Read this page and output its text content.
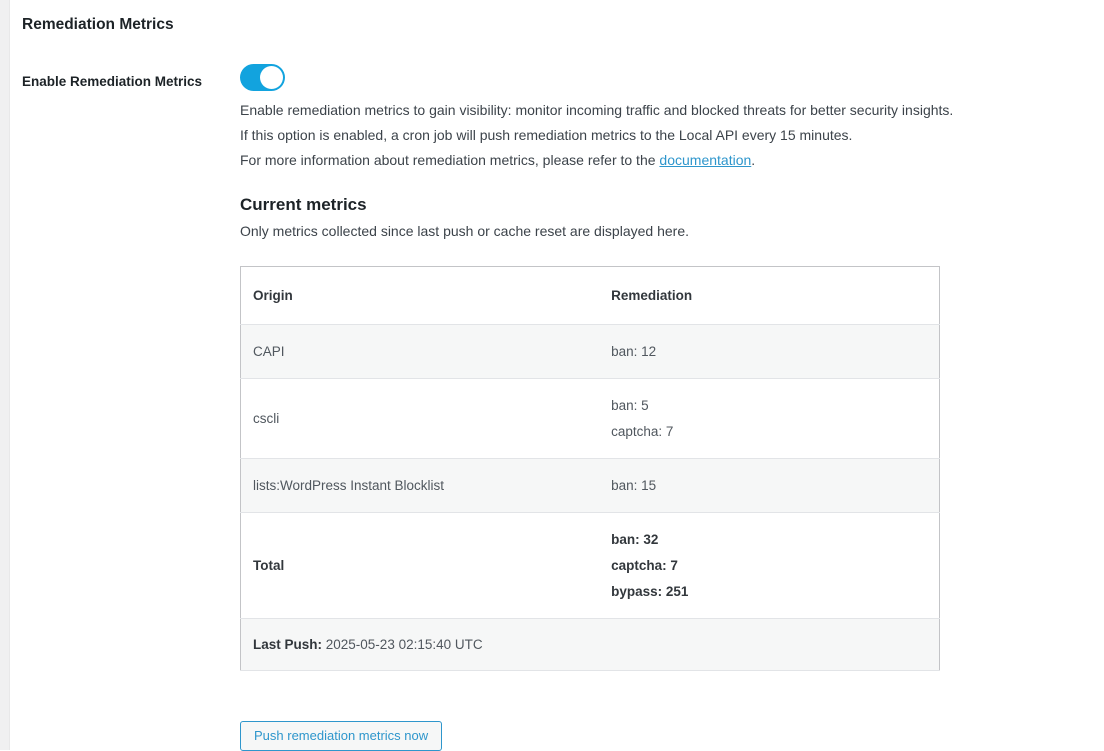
Remediation Metrics
Enable Remediation Metrics

Enable remediation metrics to gain visibility: monitor incoming traffic and blocked threats for better security insights.

If this option is enabled, a cron job will push remediation metrics to the Local API every 15 minutes.

For more information about remediation metrics, please refer to the documentation.

Current metrics

Only metrics collected since last push or cache reset are displayed here.

Origin	Remediation
CAPI	ban: 12

cscli	ban: 5

captcha: 7

lists:WordPress Instant Blocklist	ban: 15

Total	ban: 32

captcha: 7

bypass: 251

Last Push: 2025-05-23 02:15:40 UTC	
Push remediation metrics now
